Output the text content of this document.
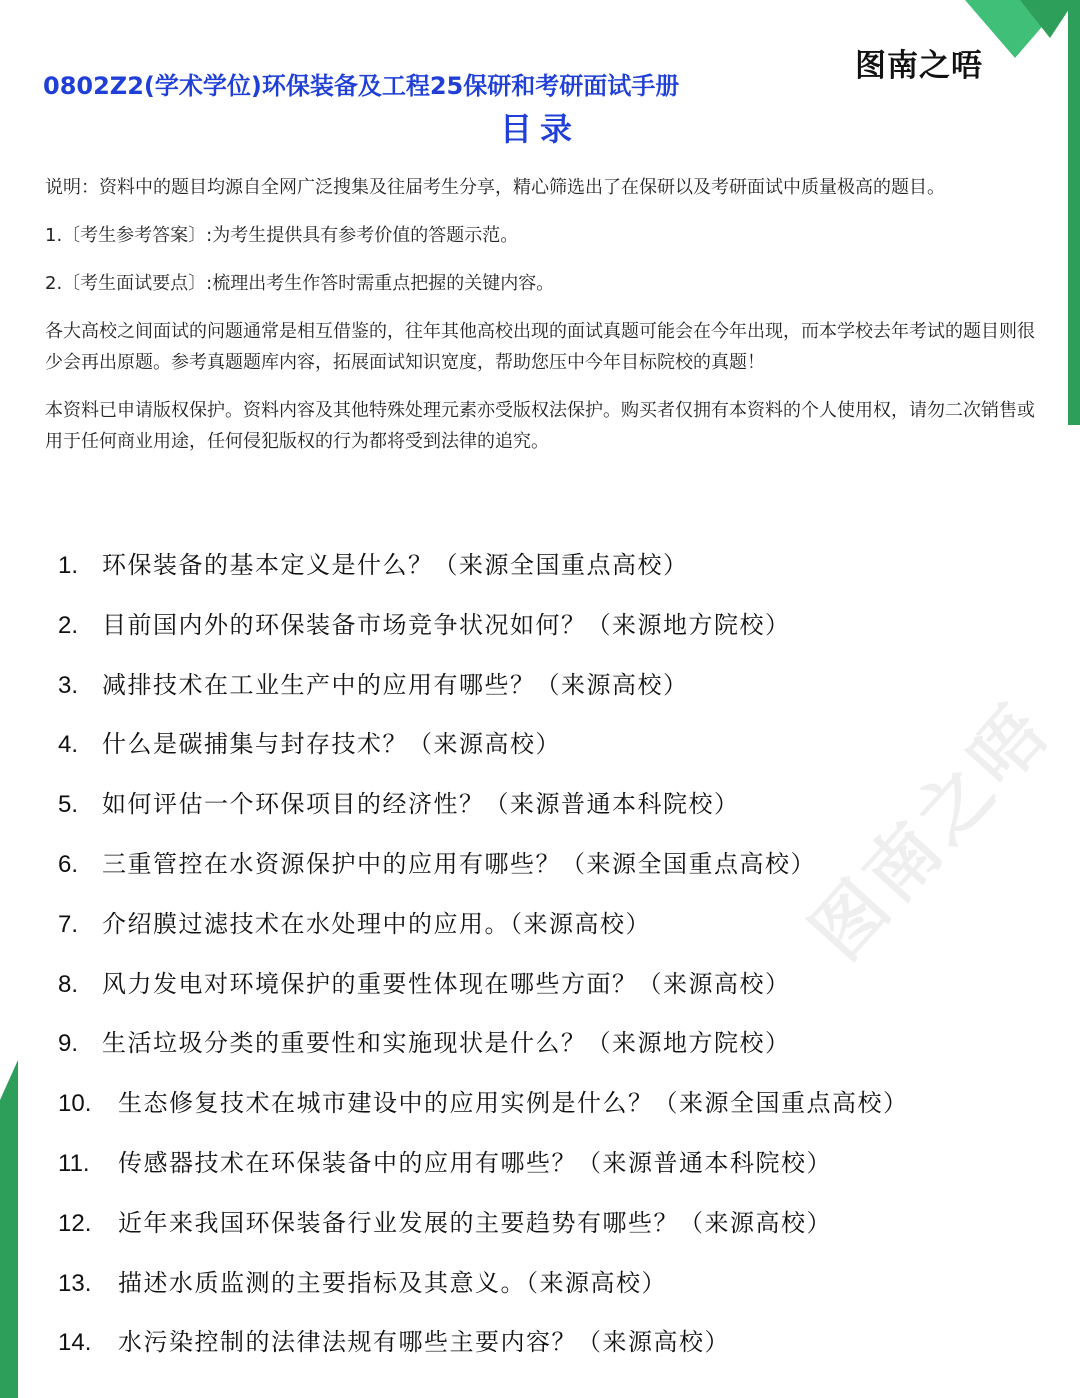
图南之唔
0802Z2(学术学位)环保装备及工程25保研和考研面试手册
目录

说明：资料中的题目均源自全网广泛搜集及往届考生分享，精心筛选出了在保研以及考研面试中质量极高的题目。

1.〔考生参考答案〕:为考生提供具有参考价值的答题示范。

2.〔考生面试要点〕:梳理出考生作答时需重点把握的关键内容。

各大高校之间面试的问题通常是相互借鉴的，往年其他高校出现的面试真题可能会在今年出现，而本学校去年考试的题目则很少会再出原题。参考真题题库内容，拓展面试知识宽度，帮助您压中今年目标院校的真题！

本资料已申请版权保护。资料内容及其他特殊处理元素亦受版权法保护。购买者仅拥有本资料的个人使用权，请勿二次销售或用于任何商业用途，任何侵犯版权的行为都将受到法律的追究。

1. 环保装备的基本定义是什么？（来源全国重点高校）
2. 目前国内外的环保装备市场竞争状况如何？（来源地方院校）
3. 减排技术在工业生产中的应用有哪些？（来源高校）
4. 什么是碳捕集与封存技术？（来源高校）
5. 如何评估一个环保项目的经济性？（来源普通本科院校）
6. 三重管控在水资源保护中的应用有哪些？（来源全国重点高校）
7. 介绍膜过滤技术在水处理中的应用。（来源高校）
8. 风力发电对环境保护的重要性体现在哪些方面？（来源高校）
9. 生活垃圾分类的重要性和实施现状是什么？（来源地方院校）
10. 生态修复技术在城市建设中的应用实例是什么？（来源全国重点高校）
11. 传感器技术在环保装备中的应用有哪些？（来源普通本科院校）
12. 近年来我国环保装备行业发展的主要趋势有哪些？（来源高校）
13. 描述水质监测的主要指标及其意义。（来源高校）
14. 水污染控制的法律法规有哪些主要内容？（来源高校）
图南之唔
